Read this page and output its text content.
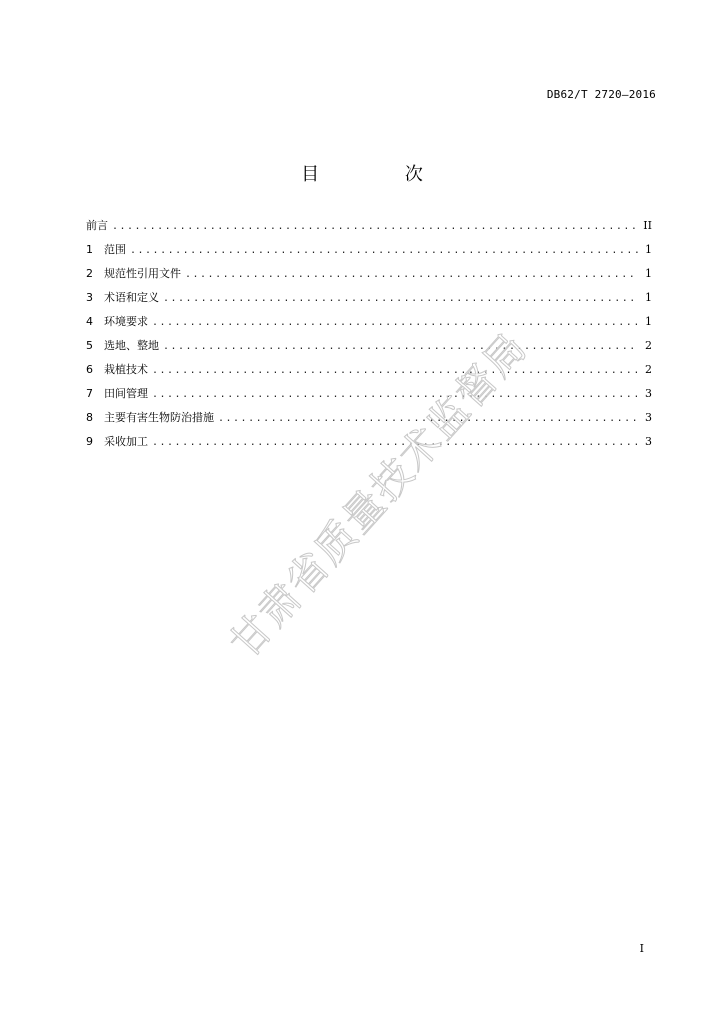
DB62/T 2720—2016
目 次
前言 .....	II
1	范围 .....	1
2	规范性引用文件 .....	1
3	术语和定义 .....	1
4	环境要求 .....	1
5	选地、整地 .....	2
6	栽植技术 .....	2
7	田间管理 .....	3
8	主要有害生物防治措施 .....	3
9	采收加工 .....	3
甘肃省质量技术监督局
I
